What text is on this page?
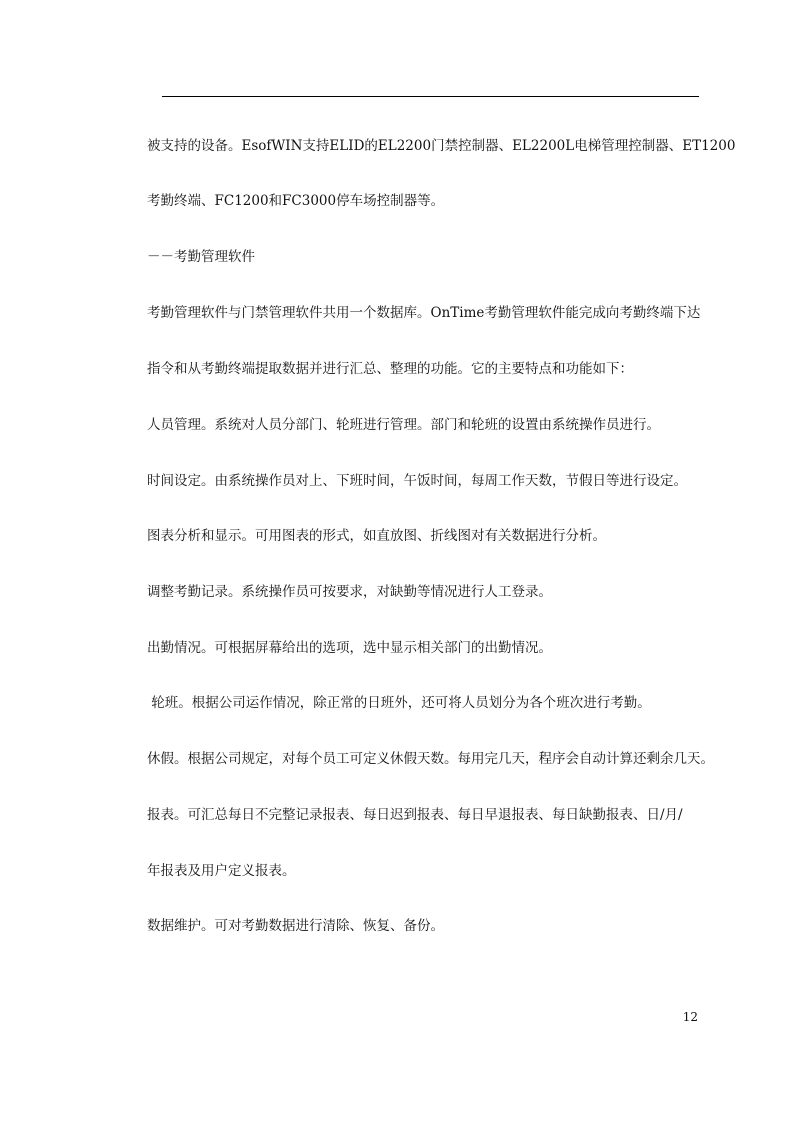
被支持的设备。EsofWIN支持ELID的EL2200门禁控制器、EL2200L电梯管理控制器、ET1200
考勤终端、FC1200和FC3000停车场控制器等。
－－考勤管理软件
考勤管理软件与门禁管理软件共用一个数据库。OnTime考勤管理软件能完成向考勤终端下达
指令和从考勤终端提取数据并进行汇总、整理的功能。它的主要特点和功能如下：
人员管理。系统对人员分部门、轮班进行管理。部门和轮班的设置由系统操作员进行。
时间设定。由系统操作员对上、下班时间，午饭时间，每周工作天数，节假日等进行设定。
图表分析和显示。可用图表的形式，如直放图、折线图对有关数据进行分析。
调整考勤记录。系统操作员可按要求，对缺勤等情况进行人工登录。
出勤情况。可根据屏幕给出的选项，选中显示相关部门的出勤情况。
轮班。根据公司运作情况，除正常的日班外，还可将人员划分为各个班次进行考勤。
休假。根据公司规定，对每个员工可定义休假天数。每用完几天，程序会自动计算还剩余几天。
报表。可汇总每日不完整记录报表、每日迟到报表、每日早退报表、每日缺勤报表、日/月/
年报表及用户定义报表。
数据维护。可对考勤数据进行清除、恢复、备份。
12
